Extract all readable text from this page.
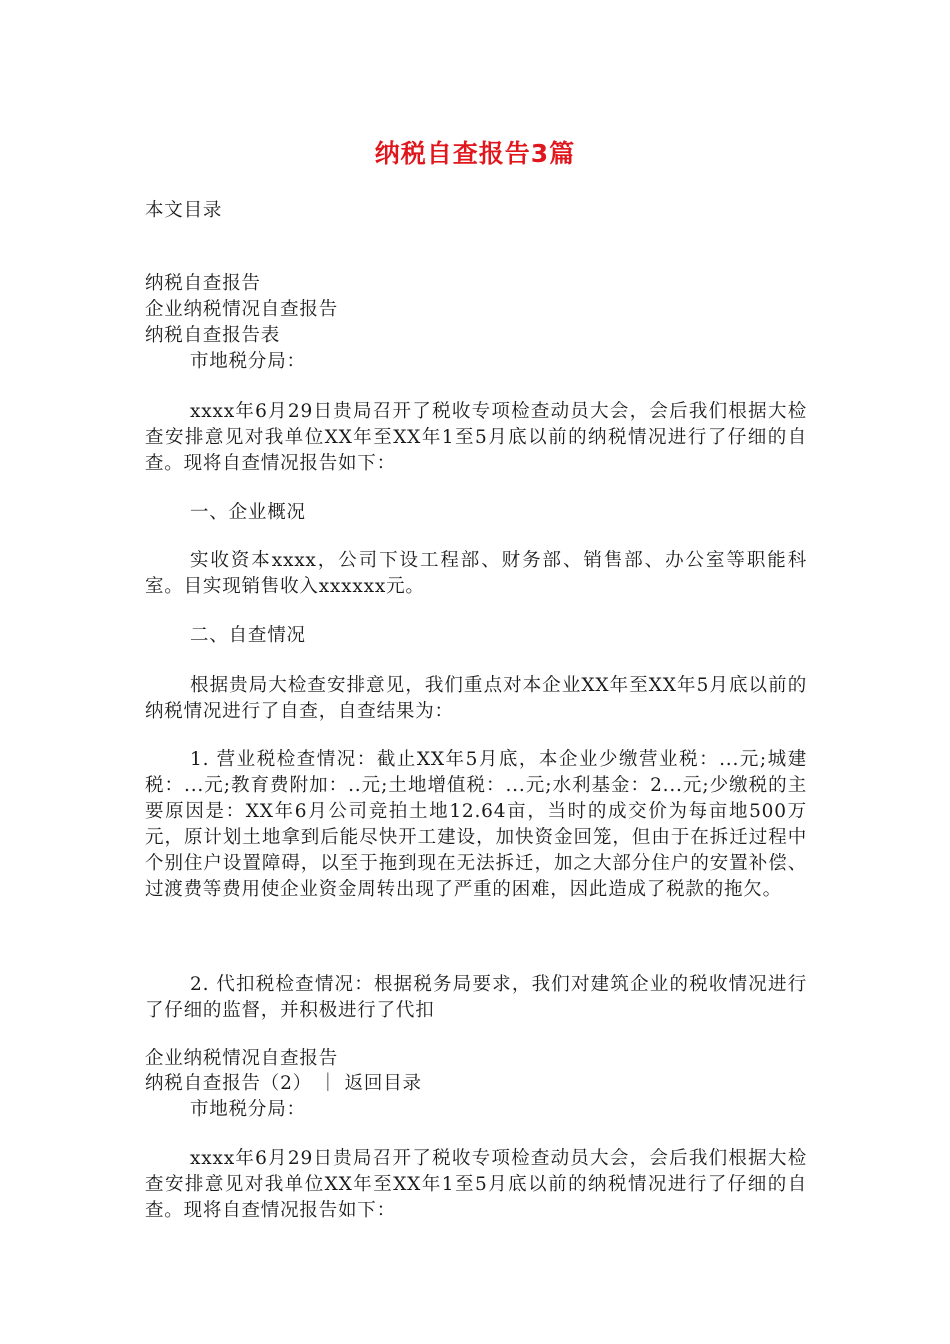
纳税自查报告3篇
本文目录
纳税自查报告
企业纳税情况自查报告
纳税自查报告表
市地税分局：
xxxx年6月29日贵局召开了税收专项检查动员大会，会后我们根据大检查安排意见对我单位XX年至XX年1至5月底以前的纳税情况进行了仔细的自查。现将自查情况报告如下：
一、企业概况
实收资本xxxx，公司下设工程部、财务部、销售部、办公室等职能科室。目实现销售收入xxxxxx元。
二、自查情况
根据贵局大检查安排意见，我们重点对本企业XX年至XX年5月底以前的纳税情况进行了自查，自查结果为：
1. 营业税检查情况：截止XX年5月底，本企业少缴营业税：...元;城建税：...元;教育费附加：..元;土地增值税：...元;水利基金：2...元;少缴税的主要原因是：XX年6月公司竞拍土地12.64亩，当时的成交价为每亩地500万元，原计划土地拿到后能尽快开工建设，加快资金回笼，但由于在拆迁过程中个别住户设置障碍，以至于拖到现在无法拆迁，加之大部分住户的安置补偿、过渡费等费用使企业资金周转出现了严重的困难，因此造成了税款的拖欠。
2. 代扣税检查情况：根据税务局要求，我们对建筑企业的税收情况进行了仔细的监督，并积极进行了代扣
企业纳税情况自查报告
纳税自查报告（2） ｜ 返回目录
市地税分局：
xxxx年6月29日贵局召开了税收专项检查动员大会，会后我们根据大检查安排意见对我单位XX年至XX年1至5月底以前的纳税情况进行了仔细的自查。现将自查情况报告如下：
